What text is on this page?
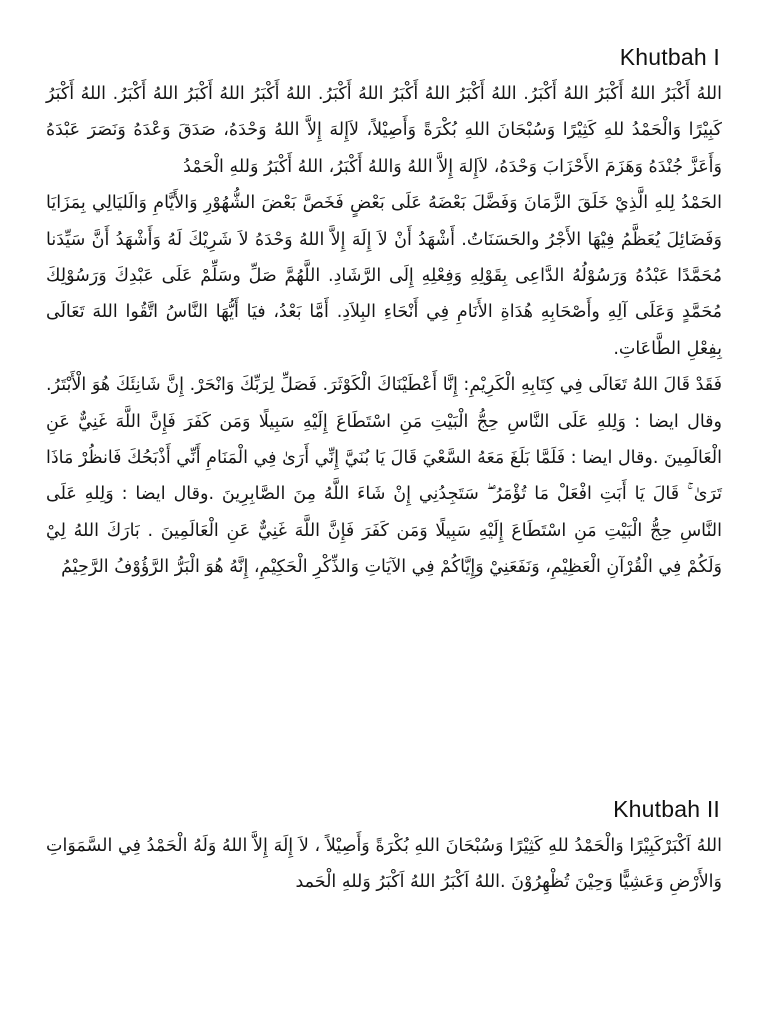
Khutbah I

اللهُ أَكْبَرُ اللهُ أَكْبَرُ اللهُ أَكْبَرُ. اللهُ أَكْبَرُ اللهُ أَكْبَرُ اللهُ أَكْبَرُ. اللهُ أَكْبَرُ اللهُ أَكْبَرُ اللهُ أَكْبَرُ. اللهُ أَكْبَرُ كَبِيْرًا وَالْحَمْدُ للهِ كَثِيْرًا وَسُبْحَانَ اللهِ بُكْرَةً وَأَصِيْلاً، لاَإِلهَ إِلاَّ اللهُ وَحْدَهُ، صَدَقَ وَعْدَهُ وَنَصَرَ عَبْدَهُ وَأَعَزَّ جُنْدَهُ وَهَزَمَ الأَحْزَابَ وَحْدَهُ، لاَإِلهَ إِلاَّ اللهُ وَاللهُ أَكْبَرُ، اللهُ أَكْبَرُ وَللهِ الْحَمْدُ

الحَمْدُ لِلهِ الَّذِيْ خَلَقَ الزَّمَانَ وَفَضَّلَ بَعْضَهُ عَلَى بَعْضٍ فَخَصَّ بَعْضَ الشُّهُوْرِ وَالأَيَّامِ وَالَليَالِي بِمَزَايَا وَفَضَائِلَ يُعَظَّمُ فِيْهَا الأَجْرُ والحَسَنَاتُ. أَشْهَدُ أَنْ لاَ إِلَهَ إِلاَّ اللهُ وَحْدَهُ لاَ شَرِيْكَ لَهُ وَأَشْهَدُ أَنَّ سَيِّدَنا مُحَمَّدًا عَبْدُهُ وَرَسُوْلُهُ الدَّاعِى بِقَوْلِهِ وَفِعْلِهِ إِلَى الرَّشَادِ. اللَّهُمَّ صَلِّ وسَلِّمْ عَلَى عَبْدِكَ وَرَسُوْلِكَ مُحَمَّدٍ وَعَلَى آلِهِ وأَصْحَابِهِ هُدَاةِ الأَنَامِ فِي أَنْحَاءِ البِلاَدِ. أَمَّا بَعْدُ، فيَا أَيُّهَا النَّاسُ اتَّقُوا اللهَ تَعَالَى بِفِعْلِ الطَّاعَاتِ.

فَقَدْ قَالَ اللهُ تَعَالَى فِي كِتَابِهِ الْكَرِيْمِ: إِنَّا أَعْطَيْنَاكَ الْكَوْثَرَ. فَصَلِّ لِرَبِّكَ وَانْحَرْ. إِنَّ شَانِئَكَ هُوَ الْأَبْتَرُ. وقال ايضا : وَلِلهِ عَلَى النَّاسِ حِجُّ الْبَيْتِ مَنِ اسْتَطَاعَ إِلَيْهِ سَبِيلًا وَمَن كَفَرَ فَإِنَّ اللَّهَ غَنِيٌّ عَنِ الْعَالَمِينَ .وقال ايضا : فَلَمَّا بَلَغَ مَعَهُ السَّعْيَ قَالَ يَا بُنَيَّ إِنِّي أَرَىٰ فِي الْمَنَامِ أَنِّي أَذْبَحُكَ فَانظُرْ مَاذَا تَرَىٰ ۚ قَالَ يَا أَبَتِ افْعَلْ مَا تُؤْمَرُ ۖ سَتَجِدُنِي إِنْ شَاءَ اللَّهُ مِنَ الصَّابِرِينَ .وقال ايضا : وَلِلهِ عَلَى النَّاسِ حِجُّ الْبَيْتِ مَنِ اسْتَطَاعَ إِلَيْهِ سَبِيلًا وَمَن كَفَرَ فَإِنَّ اللَّهَ غَنِيٌّ عَنِ الْعَالَمِينَ . بَارَكَ اللهُ لِيْ وَلَكُمْ فِي الْقُرْآنِ الْعَظِيْمِ، وَنَفَعَنِيْ وَإِيَّاكُمْ فِي الآيَاتِ وَالذِّكْرِ الْحَكِيْمِ، إِنَّهُ هُوَ الْبَرُّ الرَّؤُوْفُ الرَّحِيْمُ

Khutbah II

اللهُ اَكْبَرْكَبِيْرًا وَالْحَمْدُ للهِ كَثِيْرًا وَسُبْحَانَ اللهِ بُكْرَةً وَأَصِيْلاً ، لاَ إِلَهَ إِلاَّ اللهُ وَلَهُ الْحَمْدُ فِي السَّمَوَاتِ وَالأَرْضِ وَعَشِيًّا وَحِيْنَ تُظْهِرُوْنَ .اللهُ اَكْبَرُ اللهُ اَكْبَرُ وَللهِ الْحَمد
